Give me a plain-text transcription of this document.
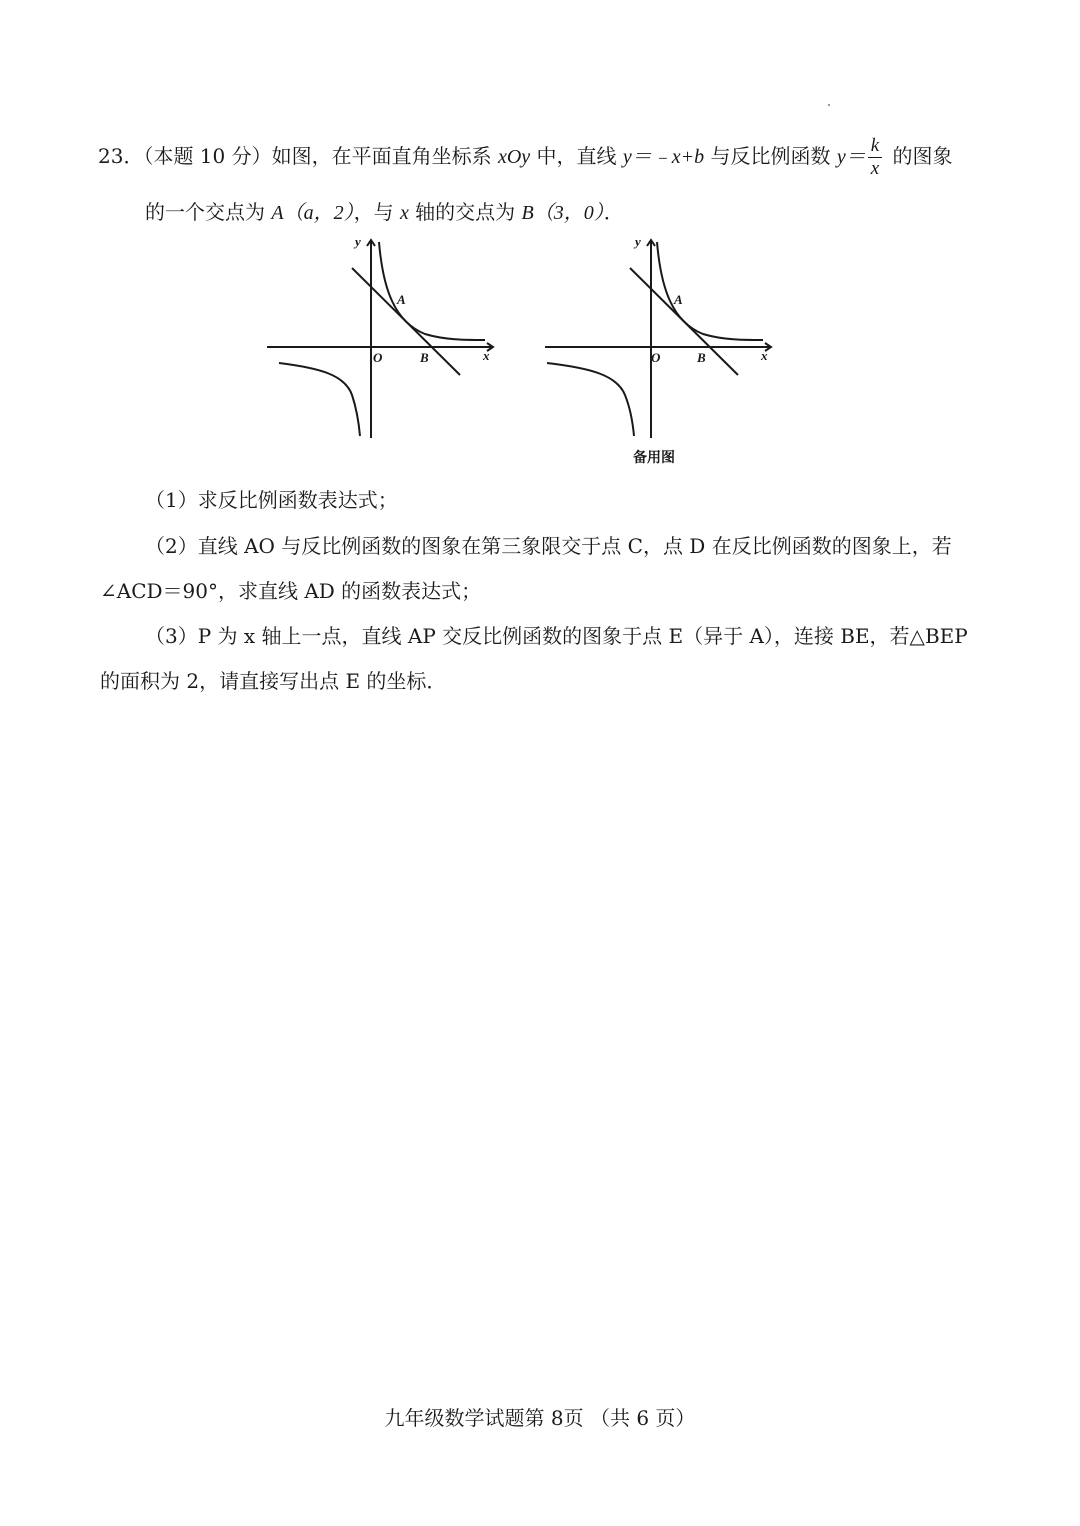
23．（本题 10 分）如图，在平面直角坐标系 xOy 中，直线 y＝﹣x+b 与反比例函数 $y= \frac{k}{x}$ 的图象
的一个交点为 A（a，2），与 x 轴的交点为 B（3，0）．
y
x
O
A
B
y
x
O
A
B
备用图
（1）求反比例函数表达式；
（2）直线 AO 与反比例函数的图象在第三象限交于点 C，点 D 在反比例函数的图象上，若
∠ACD＝90°，求直线 AD 的函数表达式；
（3）P 为 x 轴上一点，直线 AP 交反比例函数的图象于点 E（异于 A），连接 BE，若△BEP
的面积为 2，请直接写出点 E 的坐标．
九年级数学试题第 8页 （共 6 页）
